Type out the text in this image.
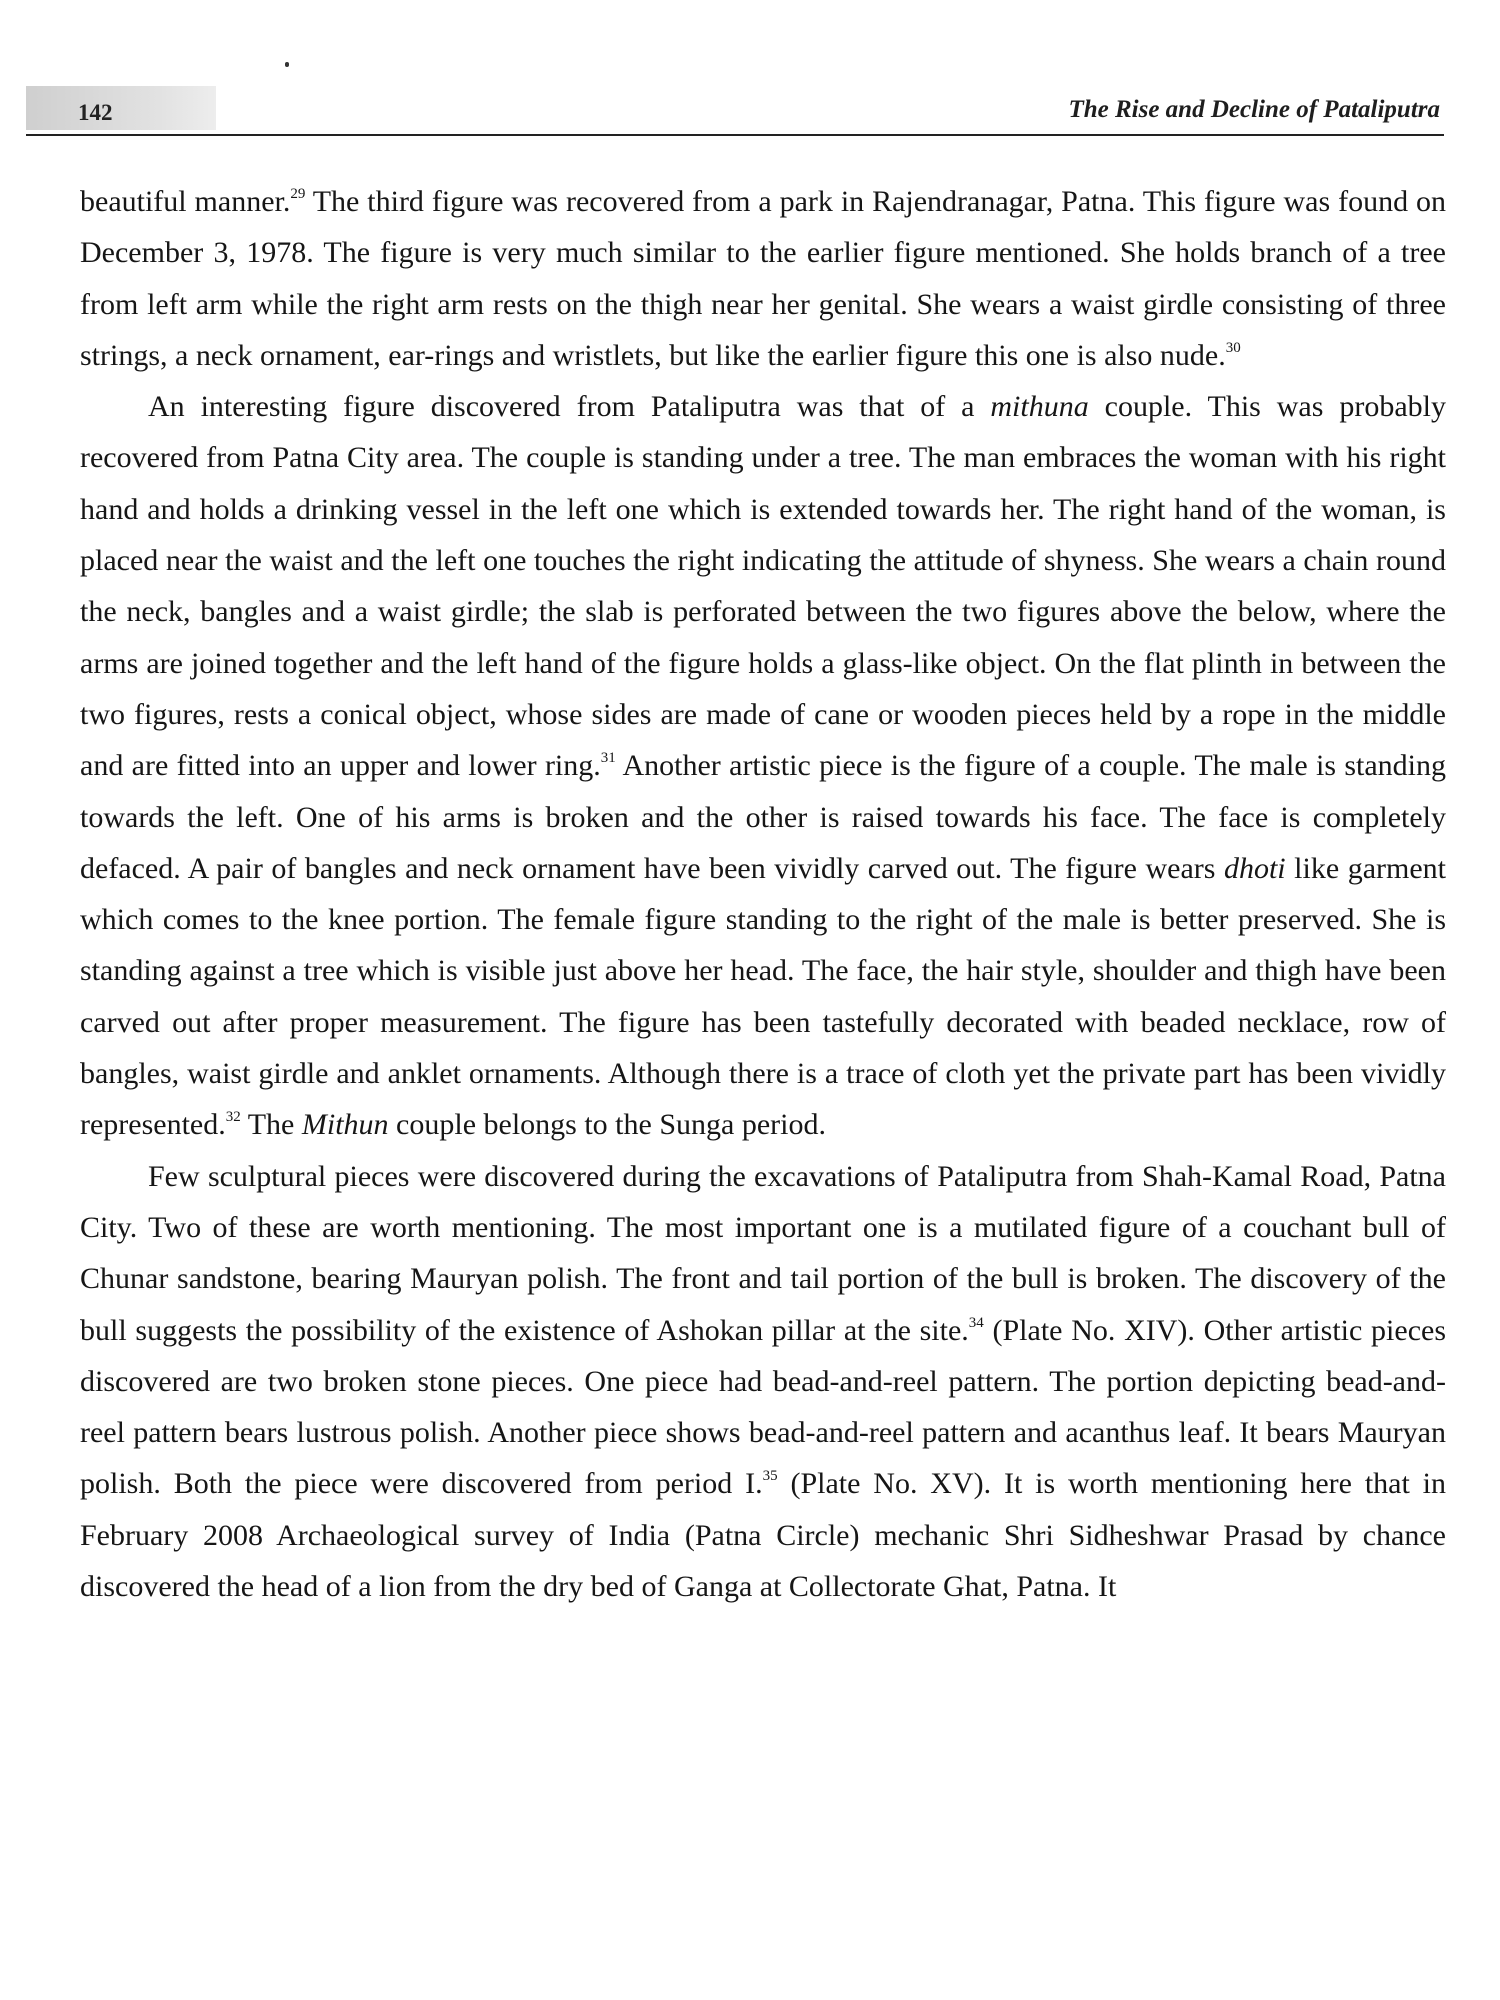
142	The Rise and Decline of Pataliputra

beautiful manner.$^{29}$ The third figure was recovered from a park in Rajendranagar, Patna. This figure was found on December 3, 1978. The figure is very much similar to the earlier figure mentioned. She holds branch of a tree from left arm while the right arm rests on the thigh near her genital. She wears a waist girdle consisting of three strings, a neck ornament, ear-rings and wristlets, but like the earlier figure this one is also nude.$^{30}$

An interesting figure discovered from Pataliputra was that of a mithuna couple. This was probably recovered from Patna City area. The couple is standing under a tree. The man embraces the woman with his right hand and holds a drinking vessel in the left one which is extended towards her. The right hand of the woman, is placed near the waist and the left one touches the right indicating the attitude of shyness. She wears a chain round the neck, bangles and a waist girdle; the slab is perforated between the two figures above the below, where the arms are joined together and the left hand of the figure holds a glass-like object. On the flat plinth in between the two figures, rests a conical object, whose sides are made of cane or wooden pieces held by a rope in the middle and are fitted into an upper and lower ring.$^{31}$ Another artistic piece is the figure of a couple. The male is standing towards the left. One of his arms is broken and the other is raised towards his face. The face is completely defaced. A pair of bangles and neck ornament have been vividly carved out. The figure wears dhoti like garment which comes to the knee portion. The female figure standing to the right of the male is better preserved. She is standing against a tree which is visible just above her head. The face, the hair style, shoulder and thigh have been carved out after proper measurement. The figure has been tastefully decorated with beaded necklace, row of bangles, waist girdle and anklet ornaments. Although there is a trace of cloth yet the private part has been vividly represented.$^{32}$ The Mithun couple belongs to the Sunga period.

Few sculptural pieces were discovered during the excavations of Pataliputra from Shah-Kamal Road, Patna City. Two of these are worth mentioning. The most important one is a mutilated figure of a couchant bull of Chunar sandstone, bearing Mauryan polish. The front and tail portion of the bull is broken. The discovery of the bull suggests the possibility of the existence of Ashokan pillar at the site.$^{34}$ (Plate No. XIV). Other artistic pieces discovered are two broken stone pieces. One piece had bead-and-reel pattern. The portion depicting bead-and-reel pattern bears lustrous polish. Another piece shows bead-and-reel pattern and acanthus leaf. It bears Mauryan polish. Both the piece were discovered from period I.$^{35}$ (Plate No. XV). It is worth mentioning here that in February 2008 Archaeological survey of India (Patna Circle) mechanic Shri Sidheshwar Prasad by chance discovered the head of a lion from the dry bed of Ganga at Collectorate Ghat, Patna. It
